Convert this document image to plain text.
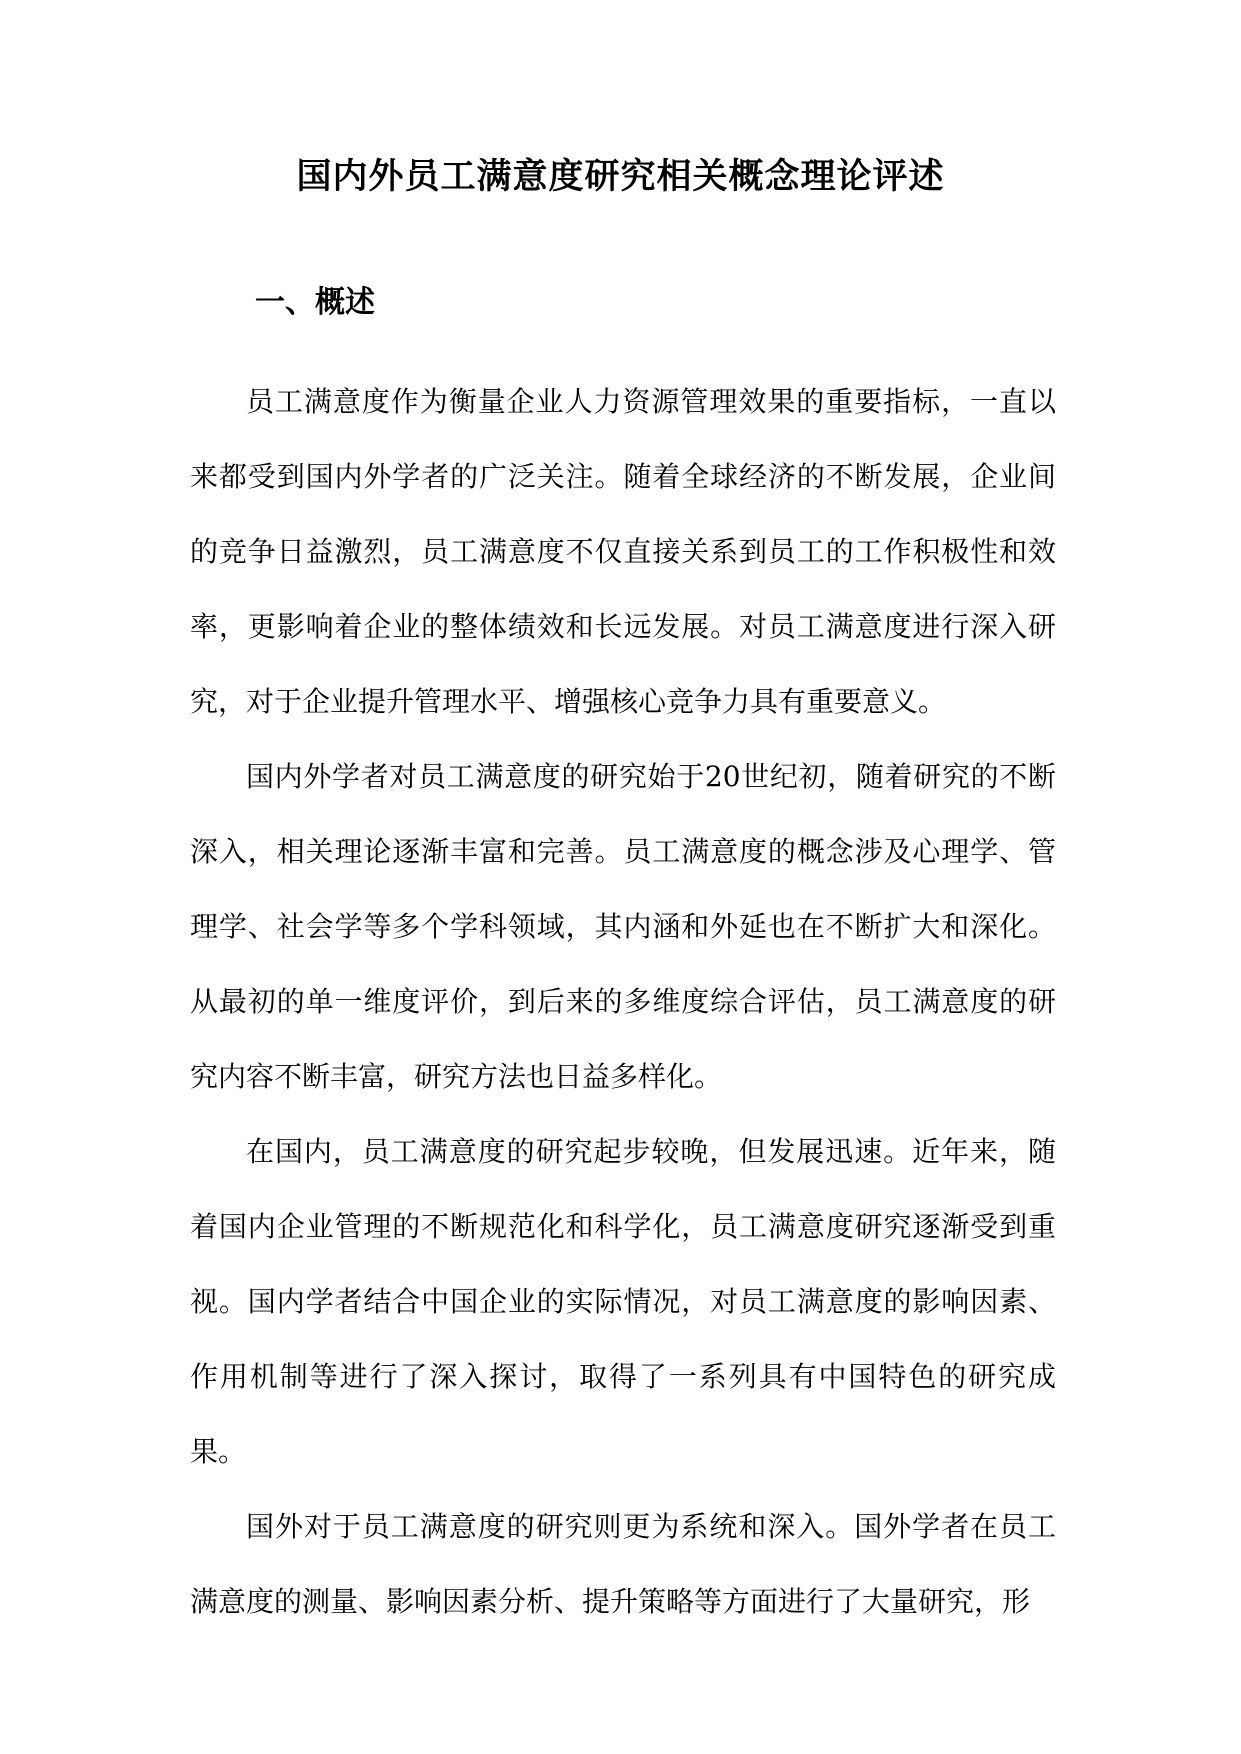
国内外员工满意度研究相关概念理论评述
一、概述

员工满意度作为衡量企业人力资源管理效果的重要指标，一直以来都受到国内外学者的广泛关注。随着全球经济的不断发展，企业间的竞争日益激烈，员工满意度不仅直接关系到员工的工作积极性和效率，更影响着企业的整体绩效和长远发展。对员工满意度进行深入研究，对于企业提升管理水平、增强核心竞争力具有重要意义。

国内外学者对员工满意度的研究始于20世纪初，随着研究的不断深入，相关理论逐渐丰富和完善。员工满意度的概念涉及心理学、管理学、社会学等多个学科领域，其内涵和外延也在不断扩大和深化。从最初的单一维度评价，到后来的多维度综合评估，员工满意度的研究内容不断丰富，研究方法也日益多样化。

在国内，员工满意度的研究起步较晚，但发展迅速。近年来，随着国内企业管理的不断规范化和科学化，员工满意度研究逐渐受到重视。国内学者结合中国企业的实际情况，对员工满意度的影响因素、作用机制等进行了深入探讨，取得了一系列具有中国特色的研究成果。

国外对于员工满意度的研究则更为系统和深入。国外学者在员工满意度的测量、影响因素分析、提升策略等方面进行了大量研究，形
